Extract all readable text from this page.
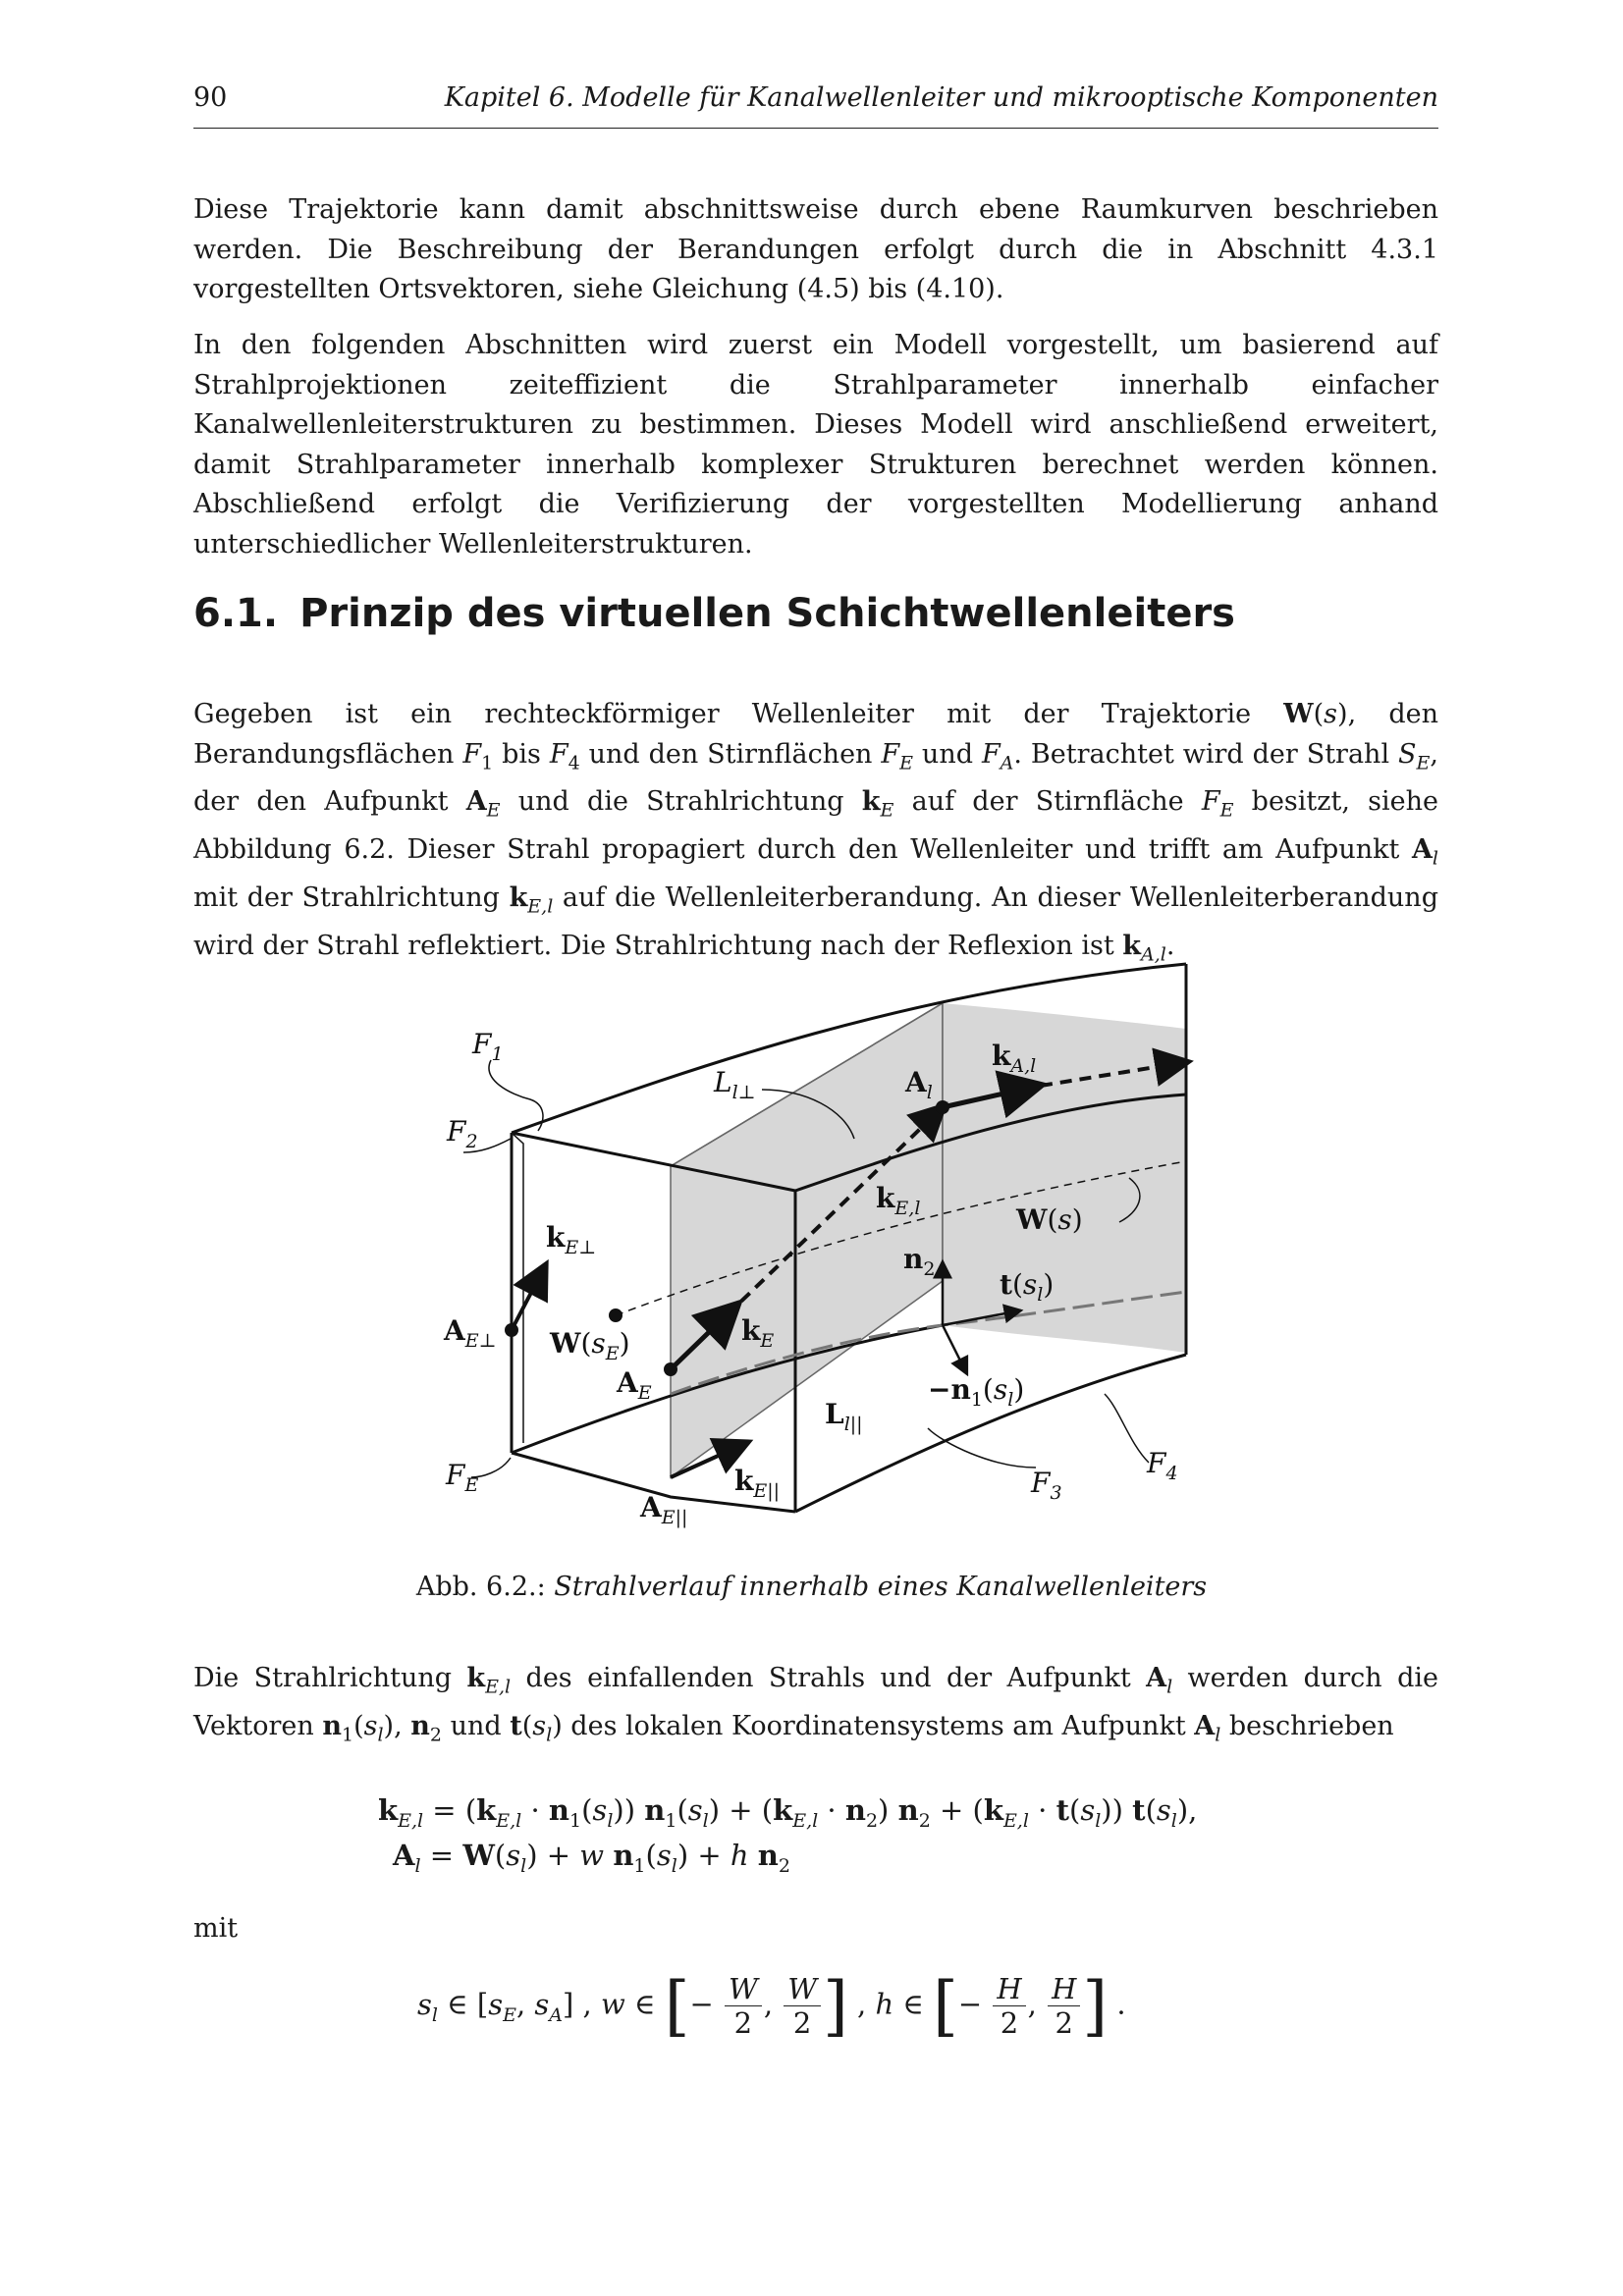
90	Kapitel 6. Modelle für Kanalwellenleiter und mikrooptische Komponenten

Diese Trajektorie kann damit abschnittsweise durch ebene Raumkurven beschrieben werden. Die Beschreibung der Berandungen erfolgt durch die in Abschnitt 4.3.1 vorgestellten Ortsvektoren, siehe Gleichung (4.5) bis (4.10).

In den folgenden Abschnitten wird zuerst ein Modell vorgestellt, um basierend auf Strahlprojektionen zeiteffizient die Strahlparameter innerhalb einfacher Kanalwellenleiterstrukturen zu bestimmen. Dieses Modell wird anschließend erweitert, damit Strahlparameter innerhalb komplexer Strukturen berechnet werden können. Abschließend erfolgt die Verifizierung der vorgestellten Modellierung anhand unterschiedlicher Wellenleiterstrukturen.

6.1. Prinzip des virtuellen Schichtwellenleiters

Gegeben ist ein rechteckförmiger Wellenleiter mit der Trajektorie W(s), den Berandungsflächen $F_1$ bis $F_4$ und den Stirnflächen $F_E$ und $F_A$. Betrachtet wird der Strahl $S_E$, der den Aufpunkt $A_E$ und die Strahlrichtung $k_E$ auf der Stirnfläche $F_E$ besitzt, siehe Abbildung 6.2. Dieser Strahl propagiert durch den Wellenleiter und trifft am Aufpunkt $A_l$ mit der Strahlrichtung $k_{E,l}$ auf die Wellenleiterberandung. An dieser Wellenleiterberandung wird der Strahl reflektiert. Die Strahlrichtung nach der Reflexion ist $k_{A,l}$.

$F_1$
$F_2$
$F_E$	$F_3$
$F_4$
$L_{l\perp}$	$A_l$
$k_{A,l}$
$k_{E,l}$	W(s)
W(s)
$n_2$ $t(s_l)$
$k_{E\perp}$
$A_{E\perp}$ $W(s_E)$	$k_E$
$A_E$
$L_{l||}$
$-n_1(s_l)$
$k_{E||}$
$A_{E||}$
Abb. 6.2.: Strahlverlauf innerhalb eines Kanalwellenleiters

Die Strahlrichtung $k_{E,l}$ des einfallenden Strahls und der Aufpunkt $A_l$ werden durch die Vektoren $n_1(s_l)$, $n_2$ und $t(s_l)$ des lokalen Koordinatensystems am Aufpunkt $A_l$ beschrieben

$k_{E,l} = (k_{E,l} \cdot n_1(s_l)) n_1(s_l) + (k_{E,l} \cdot n_2) n_2 + (k_{E,l} \cdot t(s_l))$ $t(s_l)$,
$A_l = W(s_l) + w$ $n_1(s_l) + h$ $n_2$

mit

$s_l$ ∈ [$s_E$, $s_A$] , w ∈ [− $\frac{W}{2}$ , $\frac{W}{2}$ ] , h ∈ [− $\frac{H}{2}$ , $\frac{H}{2}$ ] .
